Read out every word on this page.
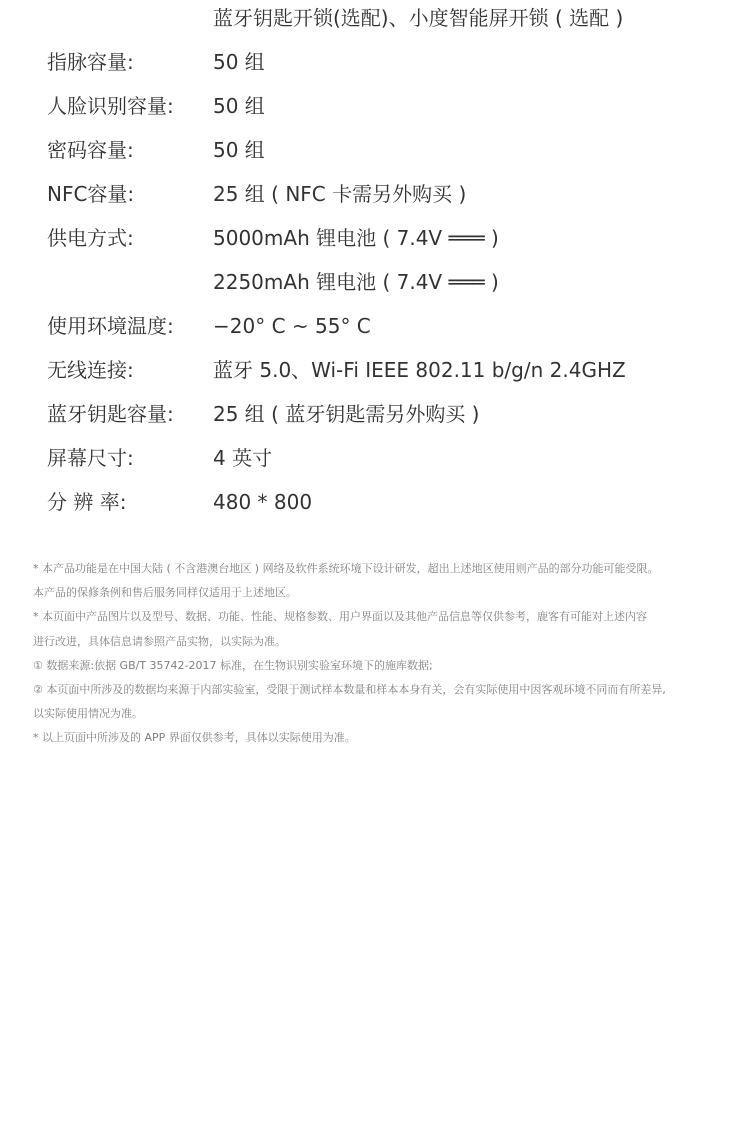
蓝牙钥匙开锁(选配)、小度智能屏开锁 ( 选配 )
指脉容量:	50 组
人脸识别容量: 50 组
密码容量:	50 组
NFC容量:	25 组 ( NFC 卡需另外购买 )
供电方式:	5000mAh 锂电池 ( 7.4V ═══ )
2250mAh 锂电池 ( 7.4V ═══ )
使用环境温度: −20° C ~ 55° C
无线连接:	蓝牙 5.0、Wi-Fi IEEE 802.11 b/g/n 2.4GHZ
蓝牙钥匙容量: 25 组 ( 蓝牙钥匙需另外购买 )
屏幕尺寸:	4 英寸
分 辨 率:	480 * 800
* 本产品功能是在中国大陆 ( 不含港澳台地区 ) 网络及软件系统环境下设计研发，超出上述地区使用则产品的部分功能可能受限。
本产品的保修条例和售后服务同样仅适用于上述地区。
* 本页面中产品图片以及型号、数据、功能、性能、规格参数、用户界面以及其他产品信息等仅供参考，鹿客有可能对上述内容
进行改进，具体信息请参照产品实物，以实际为准。
① 数据来源:依据 GB/T 35742-2017 标准，在生物识别实验室环境下的施库数据;
② 本页面中所涉及的数据均来源于内部实验室，受限于测试样本数量和样本本身有关，会有实际使用中因客观环境不同而有所差异,
以实际使用情况为准。
* 以上页面中所涉及的 APP 界面仅供参考，具体以实际使用为准。
